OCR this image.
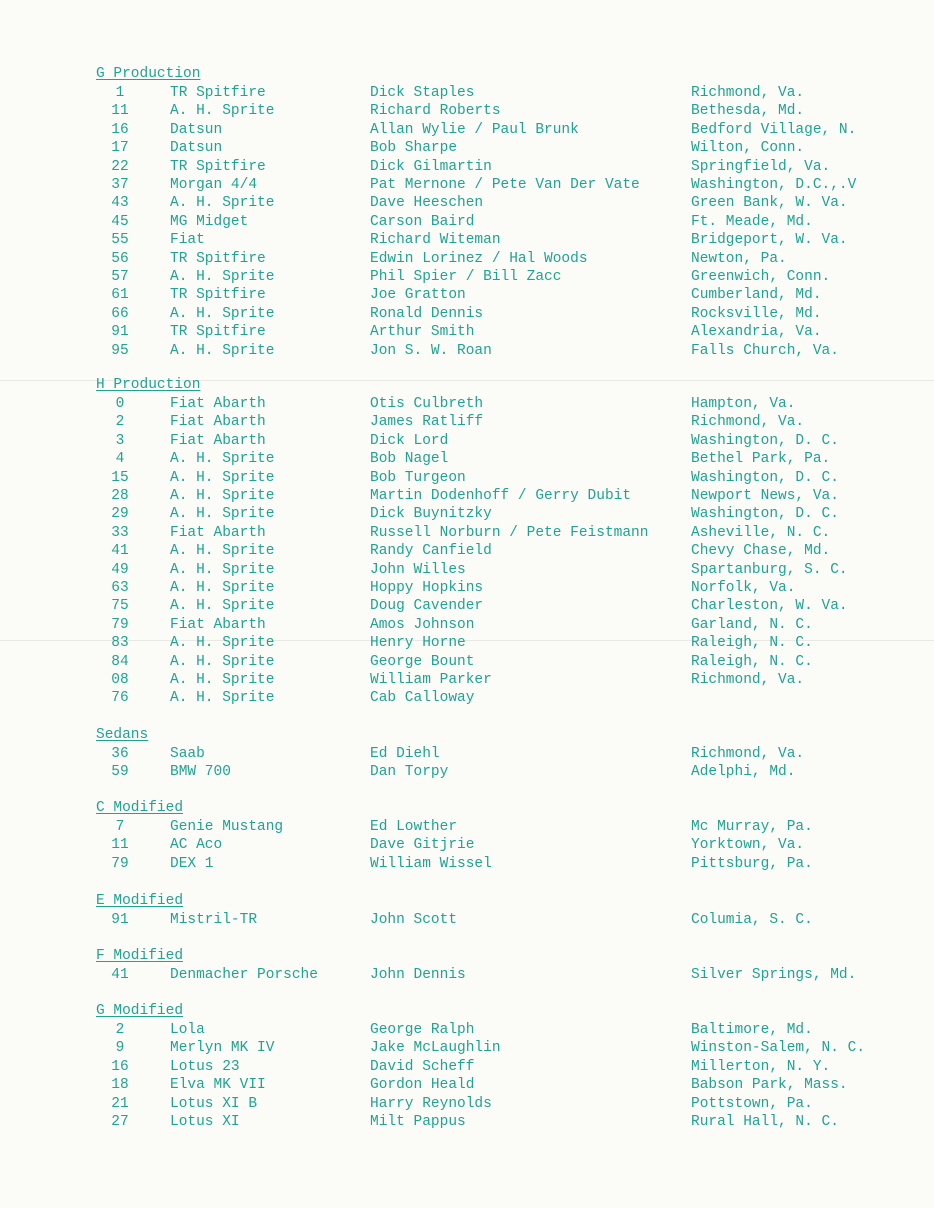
G Production
1	TR Spitfire	Dick Staples	Richmond, Va.
11	A. H. Sprite	Richard Roberts	Bethesda, Md.
16	Datsun	Allan Wylie / Paul Brunk	Bedford Village, N.
17	Datsun	Bob Sharpe	Wilton, Conn.
22	TR Spitfire	Dick Gilmartin	Springfield, Va.
37	Morgan 4/4	Pat Mernone / Pete Van Der Vate	Washington, D.C.,.V
43	A. H. Sprite	Dave Heeschen	Green Bank, W. Va.
45	MG Midget	Carson Baird	Ft. Meade, Md.
55	Fiat	Richard Witeman	Bridgeport, W. Va.
56	TR Spitfire	Edwin Lorinez / Hal Woods	Newton, Pa.
57	A. H. Sprite	Phil Spier / Bill Zacc	Greenwich, Conn.
61	TR Spitfire	Joe Gratton	Cumberland, Md.
66	A. H. Sprite	Ronald Dennis	Rocksville, Md.
91	TR Spitfire	Arthur Smith	Alexandria, Va.
95	A. H. Sprite	Jon S. W. Roan	Falls Church, Va.
H Production
0	Fiat Abarth	Otis Culbreth	Hampton, Va.
2	Fiat Abarth	James Ratliff	Richmond, Va.
3	Fiat Abarth	Dick Lord	Washington, D. C.
4	A. H. Sprite	Bob Nagel	Bethel Park, Pa.
15	A. H. Sprite	Bob Turgeon	Washington, D. C.
28	A. H. Sprite	Martin Dodenhoff / Gerry Dubit	Newport News, Va.
29	A. H. Sprite	Dick Buynitzky	Washington, D. C.
33	Fiat Abarth	Russell Norburn / Pete Feistmann	Asheville, N. C.
41	A. H. Sprite	Randy Canfield	Chevy Chase, Md.
49	A. H. Sprite	John Willes	Spartanburg, S. C.
63	A. H. Sprite	Hoppy Hopkins	Norfolk, Va.
75	A. H. Sprite	Doug Cavender	Charleston, W. Va.
79	Fiat Abarth	Amos Johnson	Garland, N. C.
83	A. H. Sprite	Henry Horne	Raleigh, N. C.
84	A. H. Sprite	George Bount	Raleigh, N. C.
08	A. H. Sprite	William Parker	Richmond, Va.
76	A. H. Sprite	Cab Calloway
Sedans
36	Saab	Ed Diehl	Richmond, Va.
59	BMW 700	Dan Torpy	Adelphi, Md.
C Modified
7	Genie Mustang	Ed Lowther	Mc Murray, Pa.
11	AC Aco	Dave Gitjrie	Yorktown, Va.
79	DEX 1	William Wissel	Pittsburg, Pa.
E Modified
91	Mistril-TR	John Scott	Columia, S. C.
F Modified
41	Denmacher Porsche	John Dennis	Silver Springs, Md.
G Modified
2	Lola	George Ralph	Baltimore, Md.
9	Merlyn MK IV	Jake McLaughlin	Winston-Salem, N. C.
16	Lotus 23	David Scheff	Millerton, N. Y.
18	Elva MK VII	Gordon Heald	Babson Park, Mass.
21	Lotus XI B	Harry Reynolds	Pottstown, Pa.
27	Lotus XI	Milt Pappus	Rural Hall, N. C.
